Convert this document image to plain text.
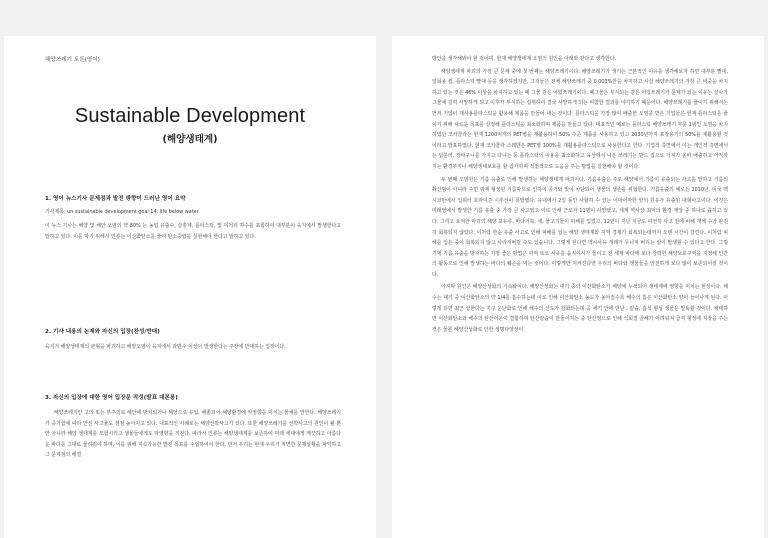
해양쓰레기 토론(영어)
Sustainable Development
(해양생태계)
1. 영어 뉴스기사 문제점과 발전 방향이 드러난 영어 요약
기사제목: un sustainable development goal 14: life below water

이 뉴스 기사는 해양 및 해안 오염의 약 80% 는 농업 유출수, 살충제, 플라스틱, 및 미처리 하수를 포함하여 대부분이 육지에서 발생한다고 말하고 있다. 이를 막기 위해서 인류는 이산화탄소를 줄여 탄소중립을 실현해야 한다고 말하고 있다.

2. 기사 내용의 논제와 자신의 입장(찬성/반대)

육지가 해양생태계의 균형을 파괴하고 해양오염이 육지에서 과반수 이상이 발생한다는 주장에 반대하는 입장이다.

3. 자신의 입장에 대한 영어 입장문 작성(발표 대본용)

해양쓰레기란 고의 또는 부주의로 해안에 방치되거나 해양으로 유입, 해졸되어 해양환경에 악영향을 미치는 물체를 말한다. 해양쓰레기가 증가함에 따라 안전 사고율도 점점 높아지고 있다. 대표적인 사례로는 해양선박사고가 있다. 또한 해양쓰레기를 선박사고의 원인이 될 뿐만 아니라 해양 생태계를 모험시키고 생물들에게도 악영향을 끼친다. 따라서 인류는 해양생태계를 보존하여 미래 세대에게 깨끗하고 아름다운 바다를 그대로 물려줘야 하며, 이를 위해 지속가능한 발전 목표를 수립하여야 한다. 먼저 우리는 현재 우리가 직면한 문제상황을 파악하고 그 문제점의 해결

방안을 생각해봐야 할 것이며, 현재 해양생태계 오염의 원인을 아래와 같다고 생각한다.

해양생태계 파괴의 가장 큰 문제 중에 첫 번째는 해양쓰레기이다. 해양쓰레기가 생기는 근본적인 이유를 생각해보자 하면 대부분 빨대, 일회용 컵, 플라스틱 빨대 등을 생각하겠지만, 그것들은 전체 해양쓰레기 중 0.003%만을 차지하고 사실 해양쓰레기의 가장 큰 비중을 차지하고 있는 것은 46% 이상을 차지하고 있는 폐 그물 같은 어업쓰레기이다. 폐그물은 부식되는 같은 어업쓰레기가 문제가 되는 이유는 살아가 그물에 걸려 사망하게 되고 이후가 부식하는 섭취하여 결국 사망하게 되는 비참한 결과를 야기하기 때문이다. 해양쓰레기를 줄이기 위해서는 먼저 기업이 재사용플라스틱을 활용해 제품을 만들어 내는 것이다. 플라스틱을 가장 많이 배출한 오염을 받은 기업들은 현재 플라스틱을 줄이기 위해 새로운 목표를 설정해 플라스틱을 최소화하며 제품을 만들고 있다. 대표적인 예로는 플라스틱 해양쓰레기 부문 1위인 오염을 차지하였던 코카콜라는 현재 1200억개의 PET병을 재활용하여 50% 수준 제품을 사용하고 있고 2030년까지 포장용기의 50%를 재활용할 것이라고 발표하였다. 현재 코카콜라 스웨덴은 PET병 100%를 재활용플라스틱으로 사용한다고 한다. 기업적 측면에서 이는 개인적 측면에서는 텀블러, 장바구니를 가지고 다니는 등 플라스틱의 이용을 최소화하고 육상에서 나온 쓰레기는 반드 집으로 가져가 올바 배출하고 아직까지는 환경부지나 해양생태보호를 할 참가하며 적절적으로 도움을 주는 방법을 실천해야 할 것이다.

두 번째 오염원은 기름 유출로 인해 발생하는 해양생태계 파괴이다. 기름유출은 주로 해양에서 기름이 유출되는 사고를 말하고 기름의 확산범이 아니라 수면 위에 형성된 기름막으로 인하여 공기와 빛이 차단되어 생물의 생존을 위협한다. 기름유출의 예로는 2010년, 미국 멕시코만에서 입워터 호라이즌 시추선이 폭발했다. 유내에서 2일 동안 사할하 수 있는 어마어마한 양의 원유가 유출된 대형사고이다. 이것은 미래영에서 발생한 기름 유출 중 가장 큰 사고였고 이로 인해 근로자 11명이 사망했고, 세계 역사상 최악의 환경 재앙 중 하나로 꼽히고 있다. 그리고 요켜한 마리의 해양 포유류, 바다거북, 새, 물고기들이 피해를 입었고, 12년이 지난 지금도 여전히 사고 전에 비해 개체 수가 완전히 회복되지 않았다. 이처럼 한순 유출 사고로 인해 피해를 입는 해양 생태계와 지역 경제가 회복되는데까지 오랜 시간이 걸린다. 이처럼 피해를 입은 중이 회복되지 않고 사라져버릴 수도 있습니다. 그렇게 된다면 멕시사유 게래가 무너져 버리는 일이 발생할 수 있다고 한다. 그렇기에 기름 유출을 방지하는 가장 좋은 방법은 피역 또로 사유를 움직여서가 들이고 전 세계 바다에 보다 강력한 해양보호구역을 지정해 인간의 활동으로 인해 발생하는 바다의 훼손을 막는 것이다. 이렇게만 지켜진다면 우리의 바다와 생물들을 안전하게 보다 많이 보존되어질 것이다.

아지막 원인은 해양산성화의 가속화이다. 해양산성화는 대기 중의 이산화탄소가 해양에 누적되어 생태계에 영향을 미치는 현상이다. 해수는 대기 중 이산화탄소의 약 1/4를 흡수하는데 이로 인해 이산화탄소 농도가 높아질수록 해수의 흡은 이산화탄소 양이 늘어나게 된다. 이렇게 되면 최근 상한다는 지구 온난화로 인해 해수의 산도가 감화되는데 곧 세기 안에 만난 : 칼슘, 흡석 형성 생물은 말뚝할 것이다. 해태하면 이산화탄소와 해수의 탄산이온이 결합하여 탄산칼슘이 만들어지는 중 탄산염으로 인해 석회질 골해가 어려워져 골격 형성에 지장을 주는 것은 물론 해양산성화로 인한 생명다양성이
